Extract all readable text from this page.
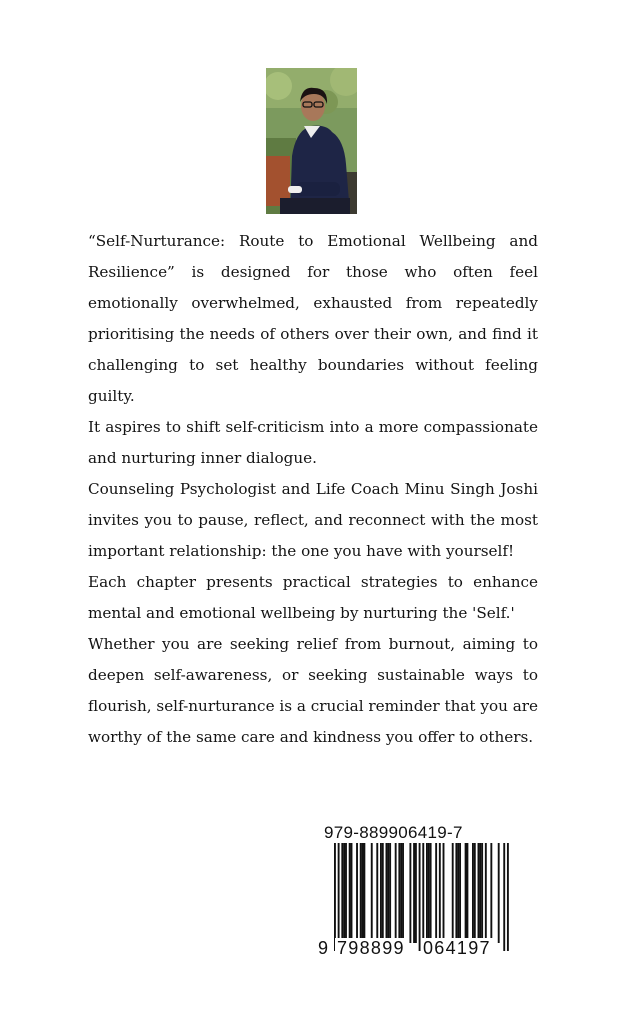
“Self-Nurturance: Route to Emotional Wellbeing and Resilience” is designed for those who often feel emotionally overwhelmed, exhausted from repeatedly prioritising the needs of others over their own, and find it challenging to set healthy boundaries without feeling guilty.

It aspires to shift self-criticism into a more compassionate and nurturing inner dialogue.

Counseling Psychologist and Life Coach Minu Singh Joshi invites you to pause, reflect, and reconnect with the most important relationship: the one you have with yourself!

Each chapter presents practical strategies to enhance mental and emotional wellbeing by nurturing the 'Self.'

Whether you are seeking relief from burnout, aiming to deepen self-awareness, or seeking sustainable ways to flourish, self-nurturance is a crucial reminder that you are worthy of the same care and kindness you offer to others.

979-889906419-7
9 798899 064197
